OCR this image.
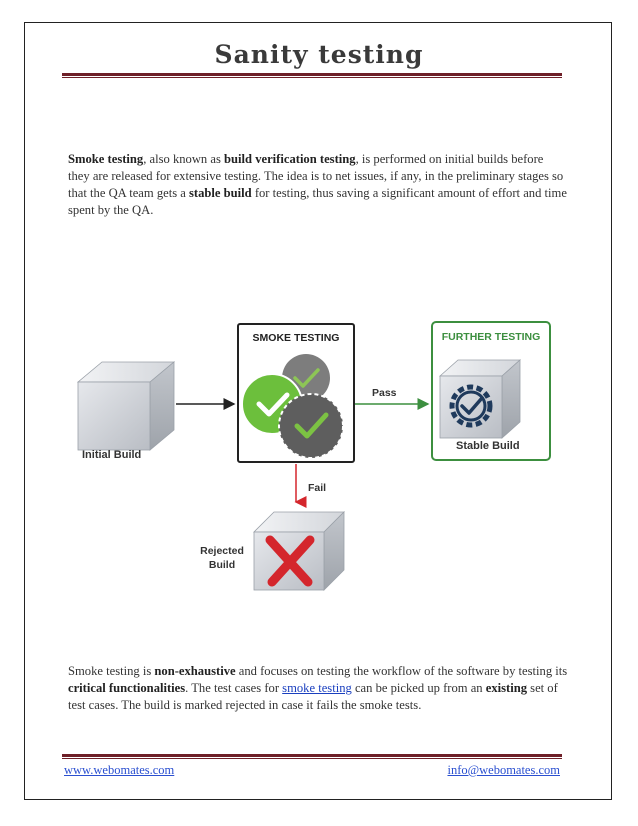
Sanity testing

Smoke testing, also known as build verification testing, is performed on initial builds before they are released for extensive testing. The idea is to net issues, if any, in the preliminary stages so that the QA team gets a stable build for testing, thus saving a significant amount of effort and time spent by the QA.

Initial Build
SMOKE TESTING
Pass
FURTHER TESTING
Stable Build
Fail
Rejected
Build

Smoke testing is non-exhaustive and focuses on testing the workflow of the software by testing its critical functionalities. The test cases for smoke testing can be picked up from an existing set of test cases. The build is marked rejected in case it fails the smoke tests.

www.webomates.com	info@webomates.com
